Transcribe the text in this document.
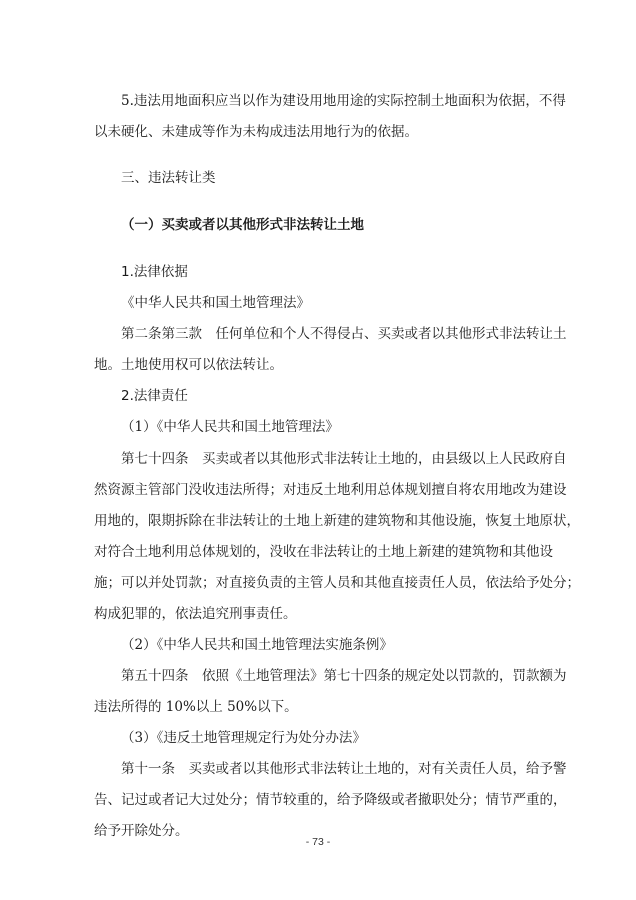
5.违法用地面积应当以作为建设用地用途的实际控制土地面积为依据，不得
以未硬化、未建成等作为未构成违法用地行为的依据。
三、违法转让类
（一）买卖或者以其他形式非法转让土地
1.法律依据
《中华人民共和国土地管理法》
第二条第三款　任何单位和个人不得侵占、买卖或者以其他形式非法转让土
地。土地使用权可以依法转让。
2.法律责任
（1）《中华人民共和国土地管理法》
第七十四条　买卖或者以其他形式非法转让土地的，由县级以上人民政府自
然资源主管部门没收违法所得；对违反土地利用总体规划擅自将农用地改为建设
用地的，限期拆除在非法转让的土地上新建的建筑物和其他设施，恢复土地原状，
对符合土地利用总体规划的，没收在非法转让的土地上新建的建筑物和其他设
施；可以并处罚款；对直接负责的主管人员和其他直接责任人员，依法给予处分；
构成犯罪的，依法追究刑事责任。
（2）《中华人民共和国土地管理法实施条例》
第五十四条　依照《土地管理法》第七十四条的规定处以罚款的，罚款额为
违法所得的 10%以上 50%以下。
（3）《违反土地管理规定行为处分办法》
第十一条　买卖或者以其他形式非法转让土地的，对有关责任人员，给予警
告、记过或者记大过处分；情节较重的，给予降级或者撤职处分；情节严重的，
给予开除处分。
- 73 -
